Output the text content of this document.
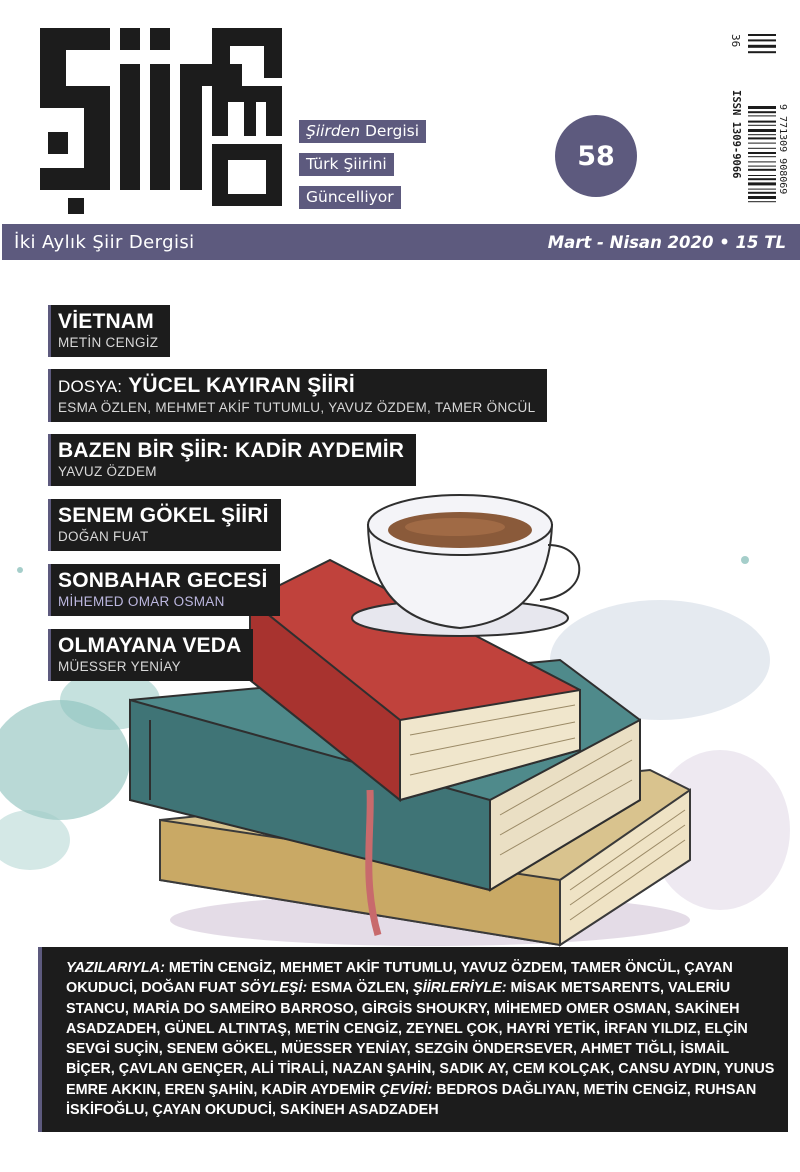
Şiirden Dergisi
Türk Şiirini
Güncelliyor
58
36
ISSN 1309-9066	9 771309 908069
İki Aylık Şiir Dergisi	Mart - Nisan 2020 • 15 TL
VİETNAM
METİN CENGİZ
DOSYA: YÜCEL KAYIRAN ŞİİRİ
ESMA ÖZLEN, MEHMET AKİF TUTUMLU, YAVUZ ÖZDEM, TAMER ÖNCÜL
BAZEN BİR ŞİİR: KADİR AYDEMİR
YAVUZ ÖZDEM
SENEM GÖKEL ŞİİRİ
DOĞAN FUAT
SONBAHAR GECESİ
MİHEMED OMAR OSMAN
OLMAYANA VEDA
MÜESSER YENİAY
YAZILARIYLA: METİN CENGİZ, MEHMET AKİF TUTUMLU, YAVUZ ÖZDEM, TAMER ÖNCÜL, ÇAYAN OKUDUCİ, DOĞAN FUAT SÖYLEŞİ: ESMA ÖZLEN, ŞİİRLERİYLE: MİSAK METSARENTS, VALERİU STANCU, MARİA DO SAMEİRO BARROSO, GİRGİS SHOUKRY, MİHEMED OMER OSMAN, SAKİNEH ASADZADEH, GÜNEL ALTINTAŞ, METİN CENGİZ, ZEYNEL ÇOK, HAYRİ YETİK, İRFAN YILDIZ, ELÇİN SEVGİ SUÇİN, SENEM GÖKEL, MÜESSER YENİAY, SEZGİN ÖNDERSEVER, AHMET TIĞLI, İSMAİL BİÇER, ÇAVLAN GENÇER, ALİ TİRALİ, NAZAN ŞAHİN, SADIK AY, CEM KOLÇAK, CANSU AYDIN, YUNUS EMRE AKKIN, EREN ŞAHİN, KADİR AYDEMİR ÇEVİRİ: BEDROS DAĞLIYAN, METİN CENGİZ, RUHSAN İSKİFOĞLU, ÇAYAN OKUDUCİ, SAKİNEH ASADZADEH
